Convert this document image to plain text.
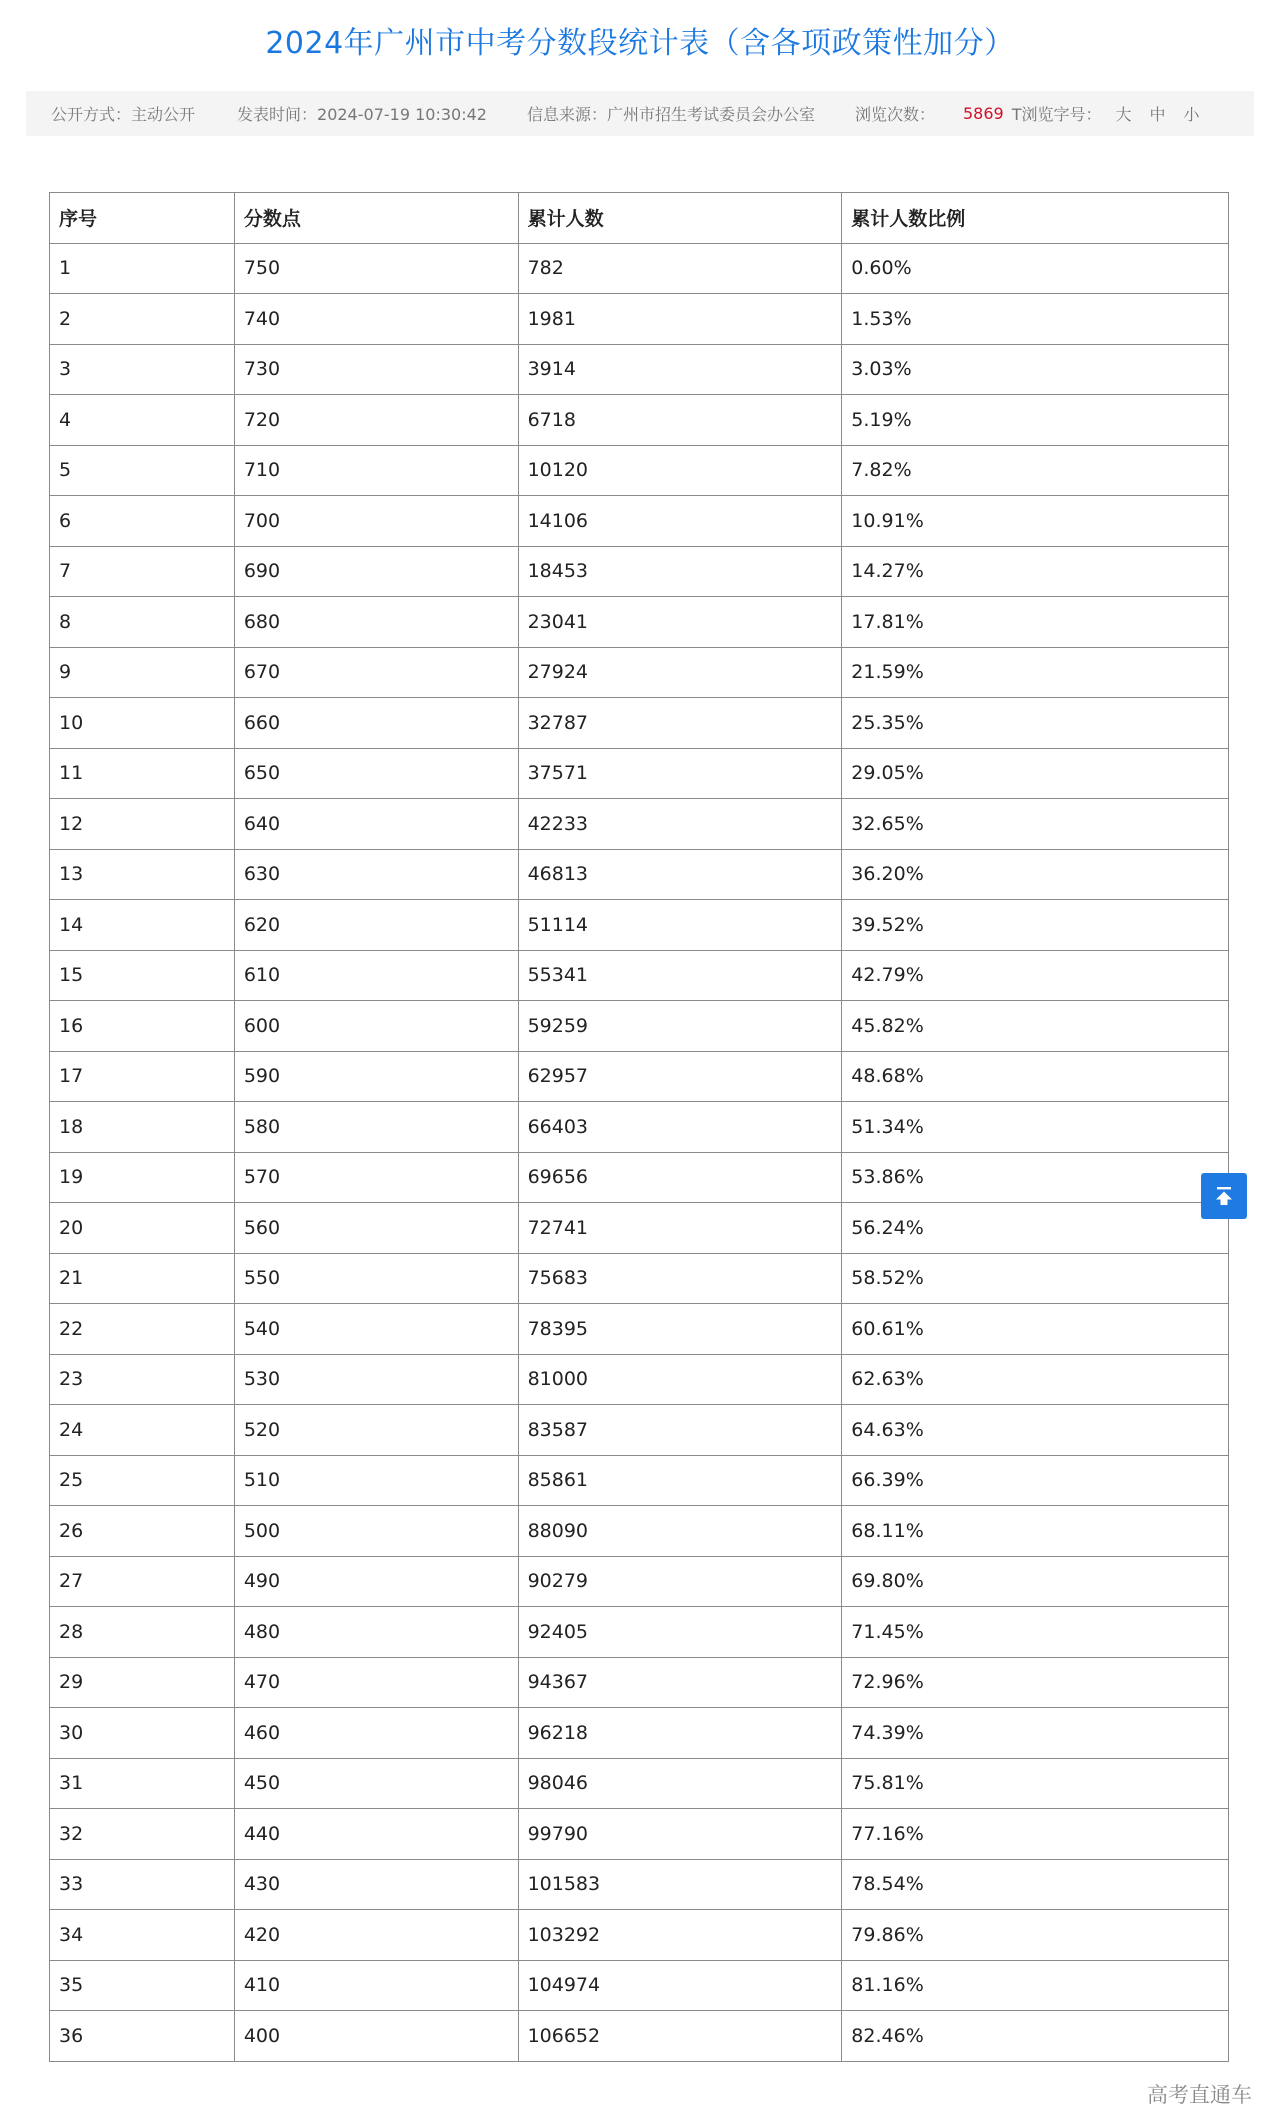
2024年广州市中考分数段统计表（含各项政策性加分）
公开方式：主动公开	发表时间：2024-07-19 10:30:42	信息来源：广州市招生考试委员会办公室	浏览次数： 5869 T浏览字号： 大 中 小
序号	分数点	累计人数	累计人数比例
1	750	782	0.60%
2	740	1981	1.53%
3	730	3914	3.03%
4	720	6718	5.19%
5	710	10120	7.82%
6	700	14106	10.91%
7	690	18453	14.27%
8	680	23041	17.81%
9	670	27924	21.59%
10	660	32787	25.35%
11	650	37571	29.05%
12	640	42233	32.65%
13	630	46813	36.20%
14	620	51114	39.52%
15	610	55341	42.79%
16	600	59259	45.82%
17	590	62957	48.68%
18	580	66403	51.34%
19	570	69656	53.86%
20	560	72741	56.24%
21	550	75683	58.52%
22	540	78395	60.61%
23	530	81000	62.63%
24	520	83587	64.63%
25	510	85861	66.39%
26	500	88090	68.11%
27	490	90279	69.80%
28	480	92405	71.45%
29	470	94367	72.96%
30	460	96218	74.39%
31	450	98046	75.81%
32	440	99790	77.16%
33	430	101583	78.54%
34	420	103292	79.86%
35	410	104974	81.16%
36	400	106652	82.46%
高考直通车
